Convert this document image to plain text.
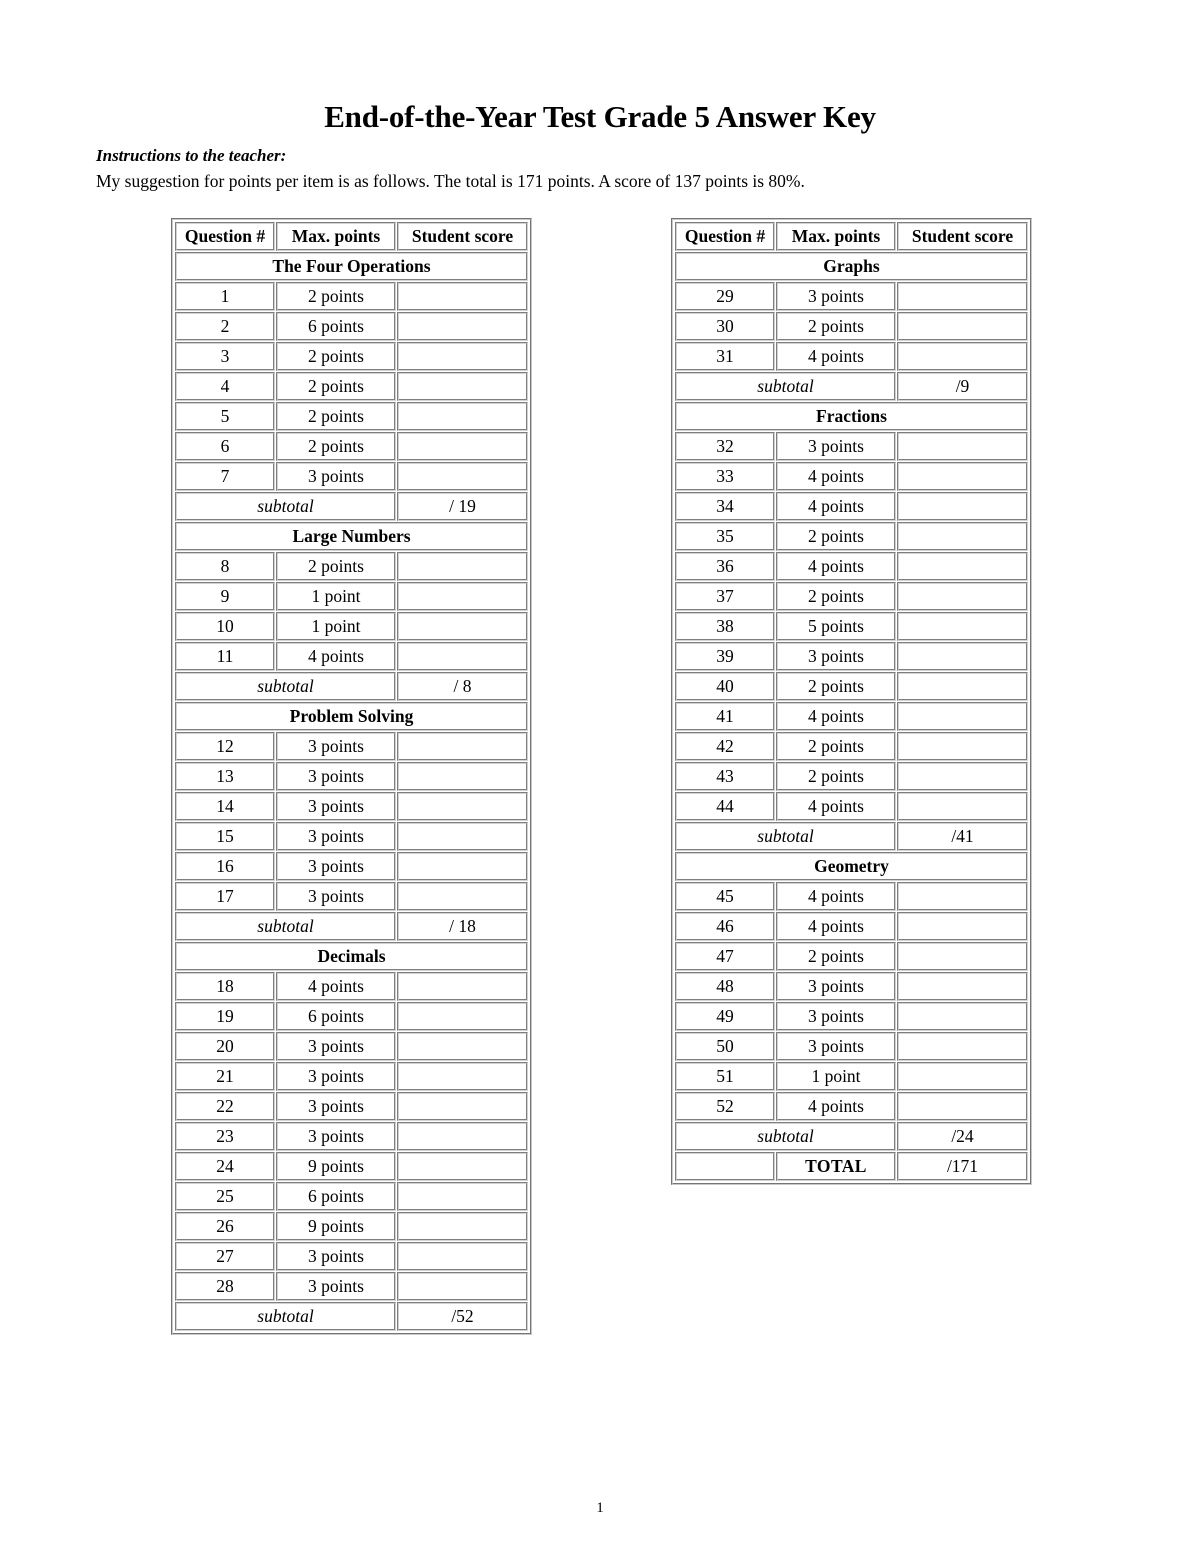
End-of-the-Year Test Grade 5 Answer Key
Instructions to the teacher:
My suggestion for points per item is as follows. The total is 171 points. A score of 137 points is 80%.
Question #	Max. points	Student score
The Four Operations		
1	2 points	
2	6 points	
3	2 points	
4	2 points	
5	2 points	
6	2 points	
7	3 points	
subtotal		/ 19
Large Numbers		
8	2 points	
9	1 point	
10	1 point	
11	4 points	
subtotal		/ 8
Problem Solving		
12	3 points	
13	3 points	
14	3 points	
15	3 points	
16	3 points	
17	3 points	
subtotal		/ 18
Decimals		
18	4 points	
19	6 points	
20	3 points	
21	3 points	
22	3 points	
23	3 points	
24	9 points	
25	6 points	
26	9 points	
27	3 points	
28	3 points	
subtotal		/52
Question #	Max. points	Student score
Graphs		
29	3 points	
30	2 points	
31	4 points	
subtotal		/9
Fractions		
32	3 points	
33	4 points	
34	4 points	
35	2 points	
36	4 points	
37	2 points	
38	5 points	
39	3 points	
40	2 points	
41	4 points	
42	2 points	
43	2 points	
44	4 points	
subtotal		/41
Geometry		
45	4 points	
46	4 points	
47	2 points	
48	3 points	
49	3 points	
50	3 points	
51	1 point	
52	4 points	
subtotal		/24
	TOTAL	/171
1
